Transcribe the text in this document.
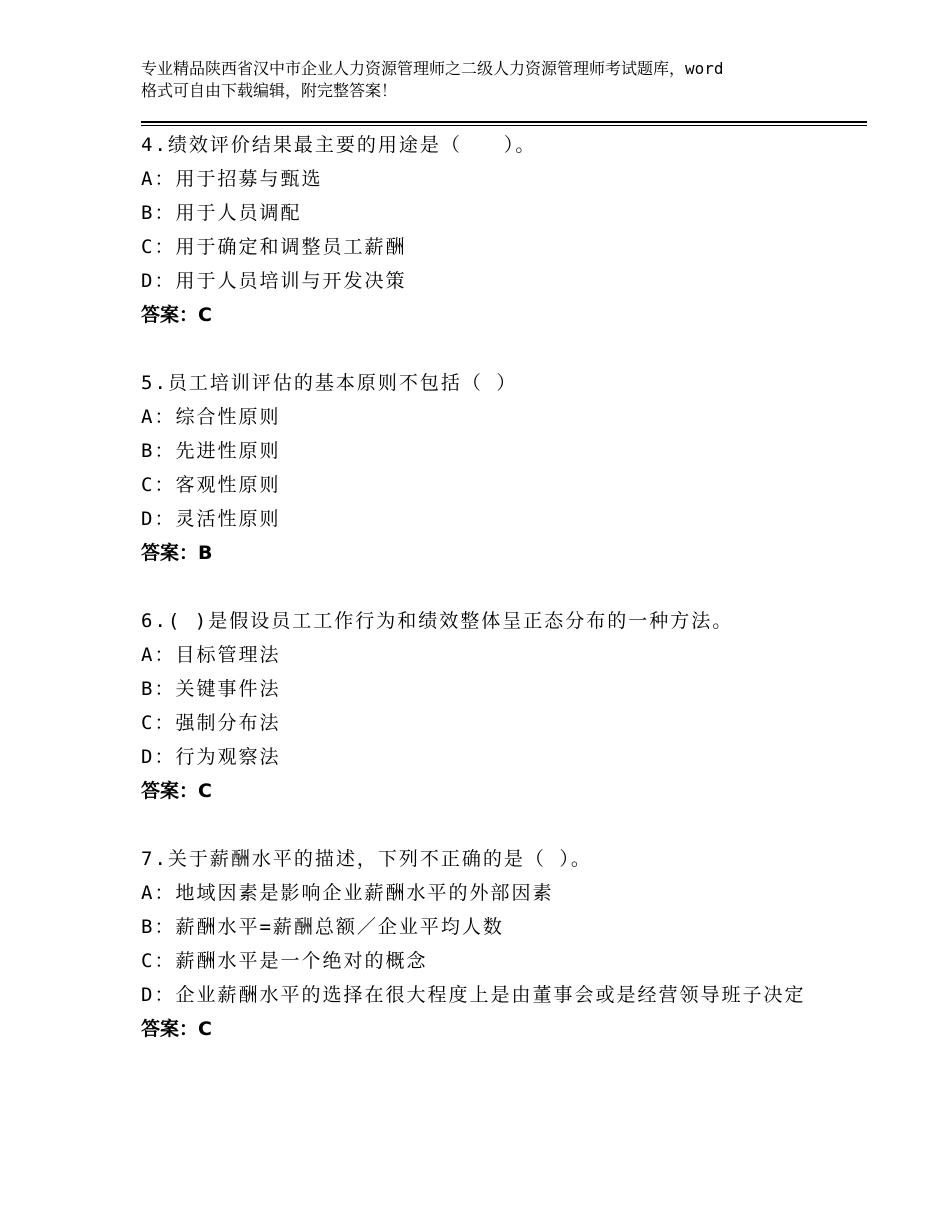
专业精品陕西省汉中市企业人力资源管理师之二级人力资源管理师考试题库，word
格式可自由下载编辑，附完整答案！
4.绩效评价结果最主要的用途是（　　）。
A：用于招募与甄选
B：用于人员调配
C：用于确定和调整员工薪酬
D：用于人员培训与开发决策
答案：C
5.员工培训评估的基本原则不包括（ ）
A：综合性原则
B：先进性原则
C：客观性原则
D：灵活性原则
答案：B
6.( )是假设员工工作行为和绩效整体呈正态分布的一种方法。
A：目标管理法
B：关键事件法
C：强制分布法
D：行为观察法
答案：C
7.关于薪酬水平的描述，下列不正确的是（ ）。
A：地域因素是影响企业薪酬水平的外部因素
B：薪酬水平=薪酬总额／企业平均人数
C：薪酬水平是一个绝对的概念
D：企业薪酬水平的选择在很大程度上是由董事会或是经营领导班子决定
答案：C
